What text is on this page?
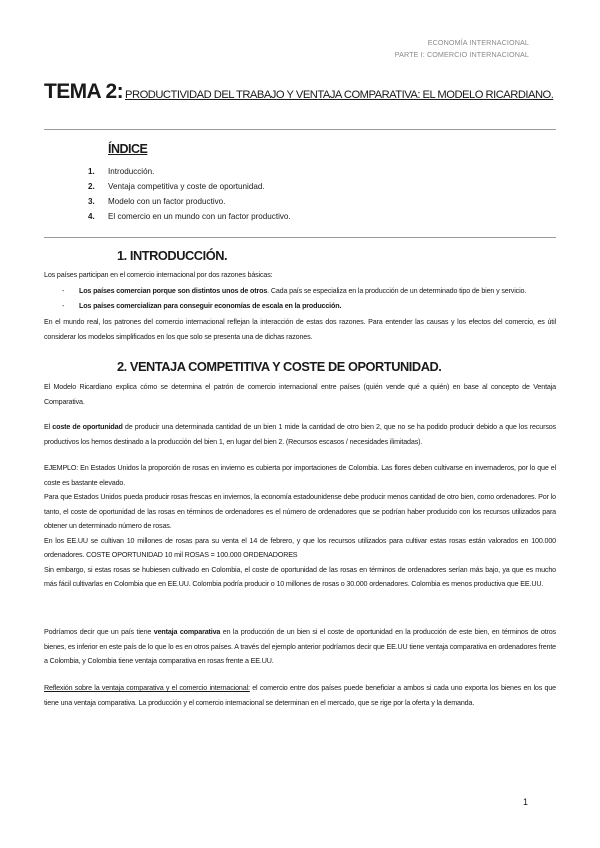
ECONOMÍA INTERNACIONAL
PARTE I: COMERCIO INTERNACIONAL
TEMA 2: PRODUCTIVIDAD DEL TRABAJO Y VENTAJA COMPARATIVA: EL MODELO RICARDIANO.
ÍNDICE
1. Introducción.
2. Ventaja competitiva y coste de oportunidad.
3. Modelo con un factor productivo.
4. El comercio en un mundo con un factor productivo.
1. INTRODUCCIÓN.

Los países participan en el comercio internacional por dos razones básicas:

- Los países comercian porque son distintos unos de otros. Cada país se especializa en la producción de un determinado tipo de bien y servicio.
- Los países comercializan para conseguir economías de escala en la producción.

En el mundo real, los patrones del comercio internacional reflejan la interacción de estas dos razones. Para entender las causas y los efectos del comercio, es útil considerar los modelos simplificados en los que solo se presenta una de dichas razones.

2. VENTAJA COMPETITIVA Y COSTE DE OPORTUNIDAD.

El Modelo Ricardiano explica cómo se determina el patrón de comercio internacional entre países (quién vende qué a quién) en base al concepto de Ventaja Comparativa.

El coste de oportunidad de producir una determinada cantidad de un bien 1 mide la cantidad de otro bien 2, que no se ha podido producir debido a que los recursos productivos los hemos destinado a la producción del bien 1, en lugar del bien 2. (Recursos escasos / necesidades ilimitadas).

EJEMPLO: En Estados Unidos la proporción de rosas en invierno es cubierta por importaciones de Colombia. Las flores deben cultivarse en invernaderos, por lo que el coste es bastante elevado.

Para que Estados Unidos pueda producir rosas frescas en inviernos, la economía estadounidense debe producir menos cantidad de otro bien, como ordenadores. Por lo tanto, el coste de oportunidad de las rosas en términos de ordenadores es el número de ordenadores que se podrían haber producido con los recursos utilizados para obtener un determinado número de rosas.

En los EE.UU se cultivan 10 millones de rosas para su venta el 14 de febrero, y que los recursos utilizados para cultivar estas rosas están valorados en 100.000 ordenadores. COSTE OPORTUNIDAD 10 mil ROSAS = 100.000 ORDENADORES

Sin embargo, si estas rosas se hubiesen cultivado en Colombia, el coste de oportunidad de las rosas en términos de ordenadores serían más bajo, ya que es mucho más fácil cultivarlas en Colombia que en EE.UU. Colombia podría producir o 10 millones de rosas o 30.000 ordenadores. Colombia es menos productiva que EE.UU.

Podríamos decir que un país tiene ventaja comparativa en la producción de un bien si el coste de oportunidad en la producción de este bien, en términos de otros bienes, es inferior en este país de lo que lo es en otros países. A través del ejemplo anterior podríamos decir que EE.UU tiene ventaja comparativa en ordenadores frente a Colombia, y Colombia tiene ventaja comparativa en rosas frente a EE.UU.

Reflexión sobre la ventaja comparativa y el comercio internacional: el comercio entre dos países puede beneficiar a ambos si cada uno exporta los bienes en los que tiene una ventaja comparativa. La producción y el comercio internacional se determinan en el mercado, que se rige por la oferta y la demanda.

1
